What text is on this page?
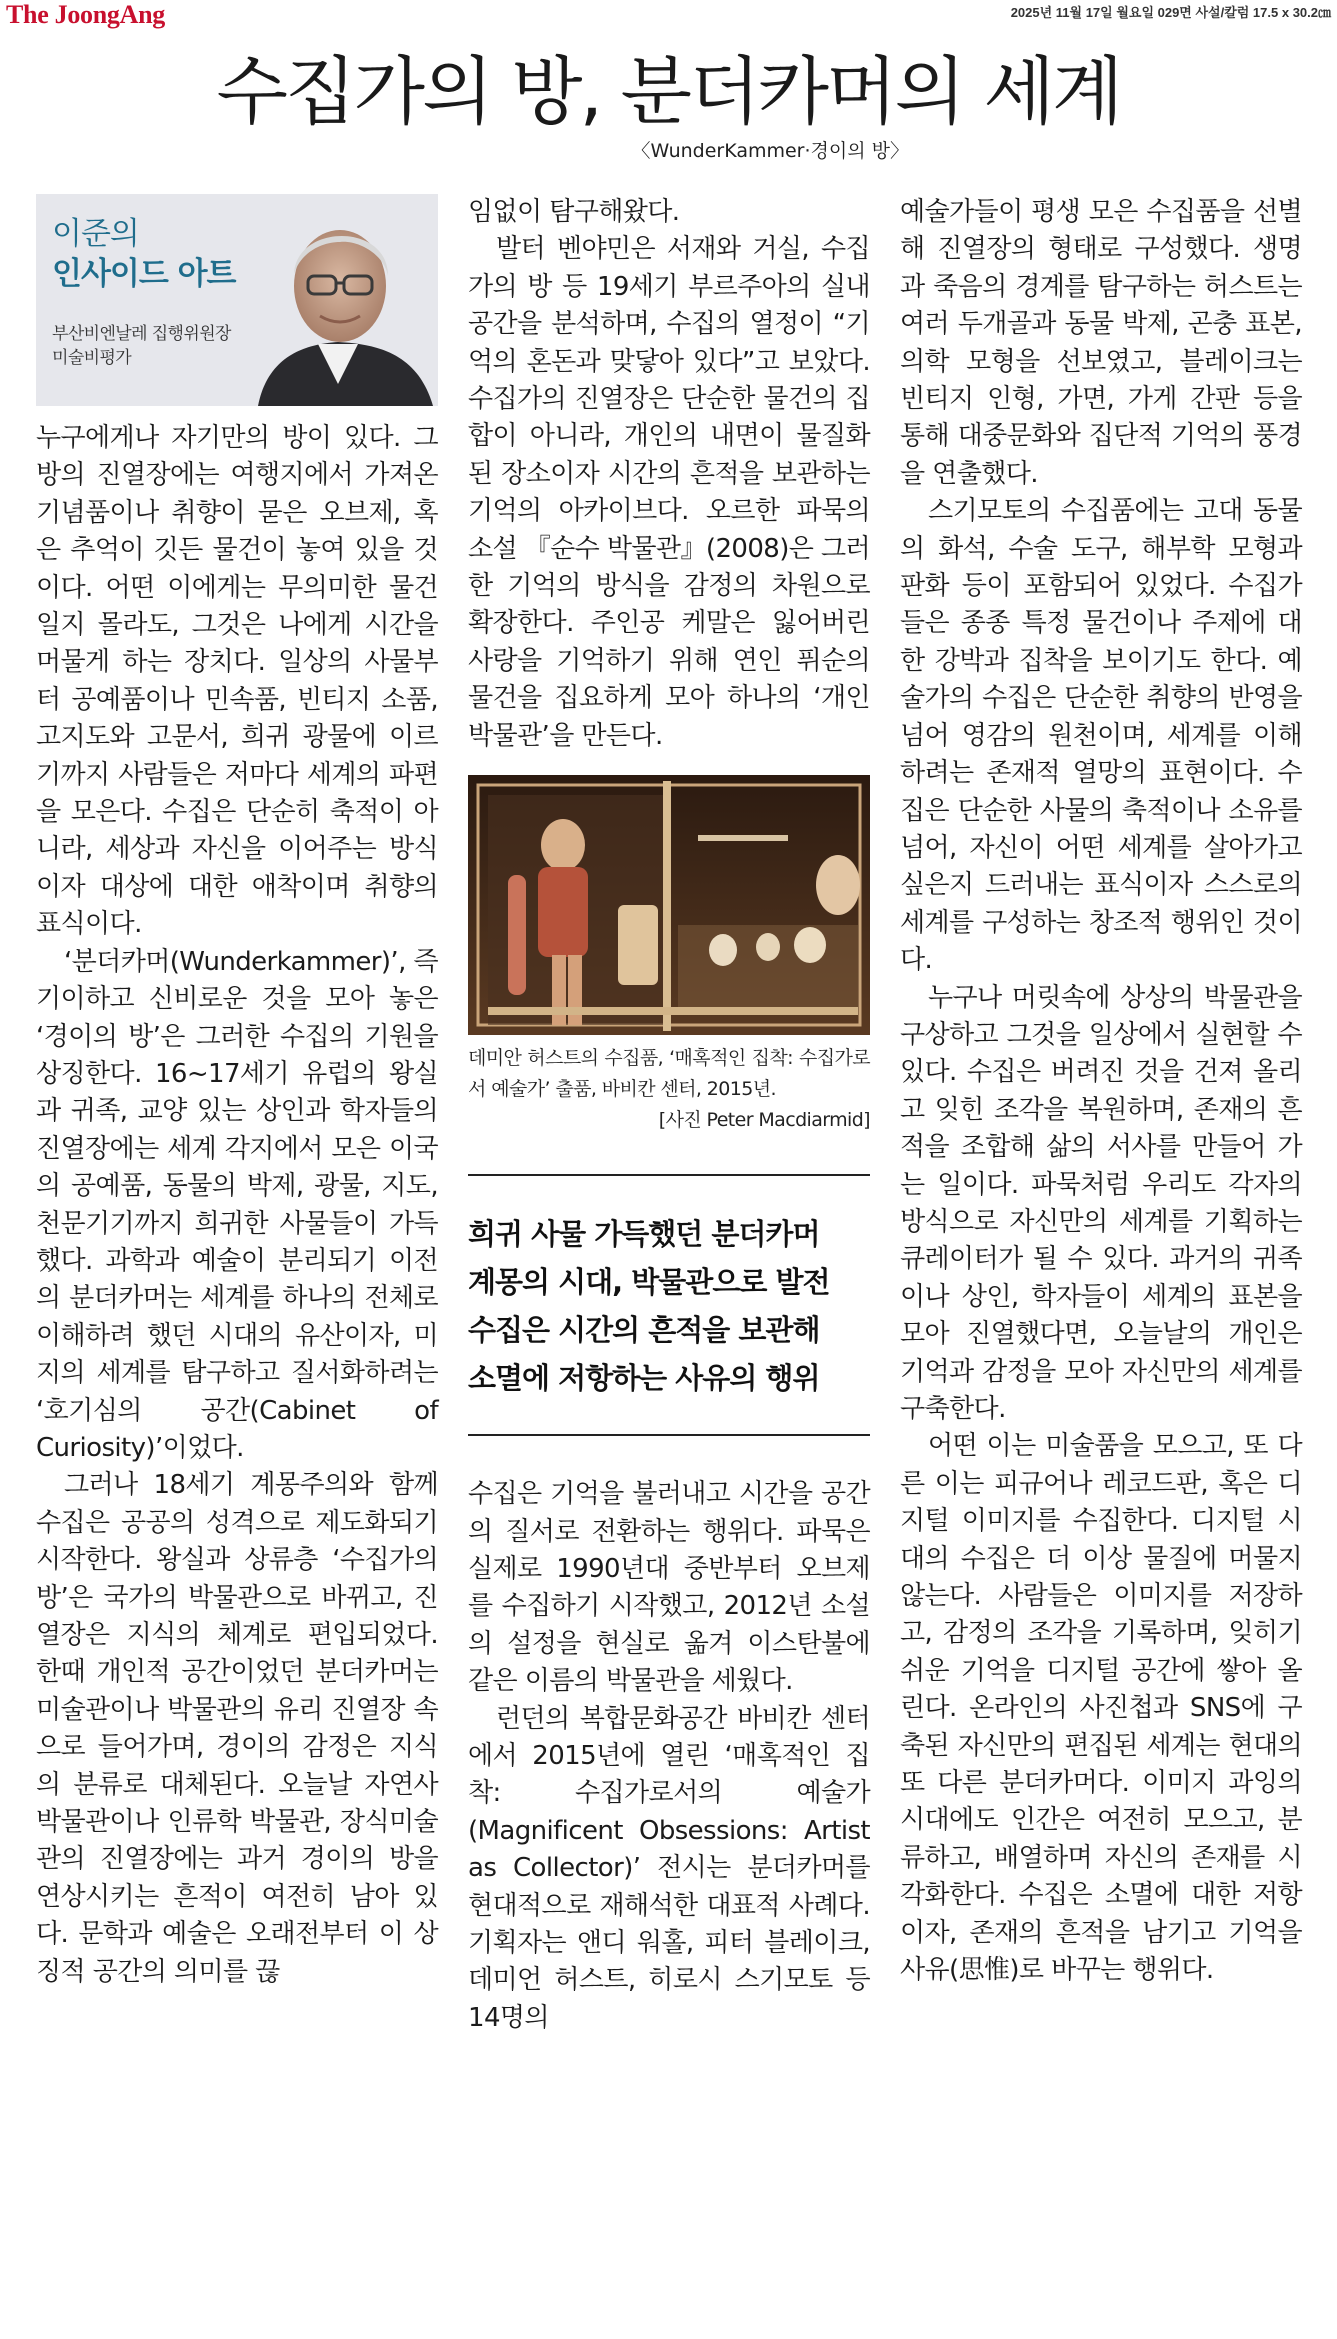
The JoongAng	2025년 11월 17일 월요일 029면 사설/칼럼 17.5 x 30.2㎝
수집가의 방, 분더카머의 세계
〈WunderKammer·경이의 방〉
이준의
인사이드 아트
부산비엔날레 집행위원장
미술비평가

누구에게나 자기만의 방이 있다. 그 방의 진열장에는 여행지에서 가져온 기념품이나 취향이 묻은 오브제, 혹은 추억이 깃든 물건이 놓여 있을 것이다. 어떤 이에게는 무의미한 물건일지 몰라도, 그것은 나에게 시간을 머물게 하는 장치다. 일상의 사물부터 공예품이나 민속품, 빈티지 소품, 고지도와 고문서, 희귀 광물에 이르기까지 사람들은 저마다 세계의 파편을 모은다. 수집은 단순히 축적이 아니라, 세상과 자신을 이어주는 방식이자 대상에 대한 애착이며 취향의 표식이다.

‘분더카머(Wunderkammer)’, 즉 기이하고 신비로운 것을 모아 놓은 ‘경이의 방’은 그러한 수집의 기원을 상징한다. 16~17세기 유럽의 왕실과 귀족, 교양 있는 상인과 학자들의 진열장에는 세계 각지에서 모은 이국의 공예품, 동물의 박제, 광물, 지도, 천문기기까지 희귀한 사물들이 가득했다. 과학과 예술이 분리되기 이전의 분더카머는 세계를 하나의 전체로 이해하려 했던 시대의 유산이자, 미지의 세계를 탐구하고 질서화하려는 ‘호기심의 공간(Cabinet of Curiosity)’이었다.

그러나 18세기 계몽주의와 함께 수집은 공공의 성격으로 제도화되기 시작한다. 왕실과 상류층 ‘수집가의 방’은 국가의 박물관으로 바뀌고, 진열장은 지식의 체계로 편입되었다. 한때 개인적 공간이었던 분더카머는 미술관이나 박물관의 유리 진열장 속으로 들어가며, 경이의 감정은 지식의 분류로 대체된다. 오늘날 자연사박물관이나 인류학 박물관, 장식미술관의 진열장에는 과거 경이의 방을 연상시키는 흔적이 여전히 남아 있다. 문학과 예술은 오래전부터 이 상징적 공간의 의미를 끊

임없이 탐구해왔다.

발터 벤야민은 서재와 거실, 수집가의 방 등 19세기 부르주아의 실내 공간을 분석하며, 수집의 열정이 “기억의 혼돈과 맞닿아 있다”고 보았다. 수집가의 진열장은 단순한 물건의 집합이 아니라, 개인의 내면이 물질화된 장소이자 시간의 흔적을 보관하는 기억의 아카이브다. 오르한 파묵의 소설 『순수 박물관』(2008)은 그러한 기억의 방식을 감정의 차원으로 확장한다. 주인공 케말은 잃어버린 사랑을 기억하기 위해 연인 퓌순의 물건을 집요하게 모아 하나의 ‘개인 박물관’을 만든다.

데미안 허스트의 수집품, ‘매혹적인 집착: 수집가로서 예술가’ 출품, 바비칸 센터, 2015년.
[사진 Peter Macdiarmid]
희귀 사물 가득했던 분더카머
계몽의 시대, 박물관으로 발전
수집은 시간의 흔적을 보관해
소멸에 저항하는 사유의 행위

수집은 기억을 불러내고 시간을 공간의 질서로 전환하는 행위다. 파묵은 실제로 1990년대 중반부터 오브제를 수집하기 시작했고, 2012년 소설의 설정을 현실로 옮겨 이스탄불에 같은 이름의 박물관을 세웠다.

런던의 복합문화공간 바비칸 센터에서 2015년에 열린 ‘매혹적인 집착: 수집가로서의 예술가(Magnificent Obsessions: Artist as Collector)’ 전시는 분더카머를 현대적으로 재해석한 대표적 사례다. 기획자는 앤디 워홀, 피터 블레이크, 데미언 허스트, 히로시 스기모토 등 14명의

예술가들이 평생 모은 수집품을 선별해 진열장의 형태로 구성했다. 생명과 죽음의 경계를 탐구하는 허스트는 여러 두개골과 동물 박제, 곤충 표본, 의학 모형을 선보였고, 블레이크는 빈티지 인형, 가면, 가게 간판 등을 통해 대중문화와 집단적 기억의 풍경을 연출했다.

스기모토의 수집품에는 고대 동물의 화석, 수술 도구, 해부학 모형과 판화 등이 포함되어 있었다. 수집가들은 종종 특정 물건이나 주제에 대한 강박과 집착을 보이기도 한다. 예술가의 수집은 단순한 취향의 반영을 넘어 영감의 원천이며, 세계를 이해하려는 존재적 열망의 표현이다. 수집은 단순한 사물의 축적이나 소유를 넘어, 자신이 어떤 세계를 살아가고 싶은지 드러내는 표식이자 스스로의 세계를 구성하는 창조적 행위인 것이다.

누구나 머릿속에 상상의 박물관을 구상하고 그것을 일상에서 실현할 수 있다. 수집은 버려진 것을 건져 올리고 잊힌 조각을 복원하며, 존재의 흔적을 조합해 삶의 서사를 만들어 가는 일이다. 파묵처럼 우리도 각자의 방식으로 자신만의 세계를 기획하는 큐레이터가 될 수 있다. 과거의 귀족이나 상인, 학자들이 세계의 표본을 모아 진열했다면, 오늘날의 개인은 기억과 감정을 모아 자신만의 세계를 구축한다.

어떤 이는 미술품을 모으고, 또 다른 이는 피규어나 레코드판, 혹은 디지털 이미지를 수집한다. 디지털 시대의 수집은 더 이상 물질에 머물지 않는다. 사람들은 이미지를 저장하고, 감정의 조각을 기록하며, 잊히기 쉬운 기억을 디지털 공간에 쌓아 올린다. 온라인의 사진첩과 SNS에 구축된 자신만의 편집된 세계는 현대의 또 다른 분더카머다. 이미지 과잉의 시대에도 인간은 여전히 모으고, 분류하고, 배열하며 자신의 존재를 시각화한다. 수집은 소멸에 대한 저항이자, 존재의 흔적을 남기고 기억을 사유(思惟)로 바꾸는 행위다.
